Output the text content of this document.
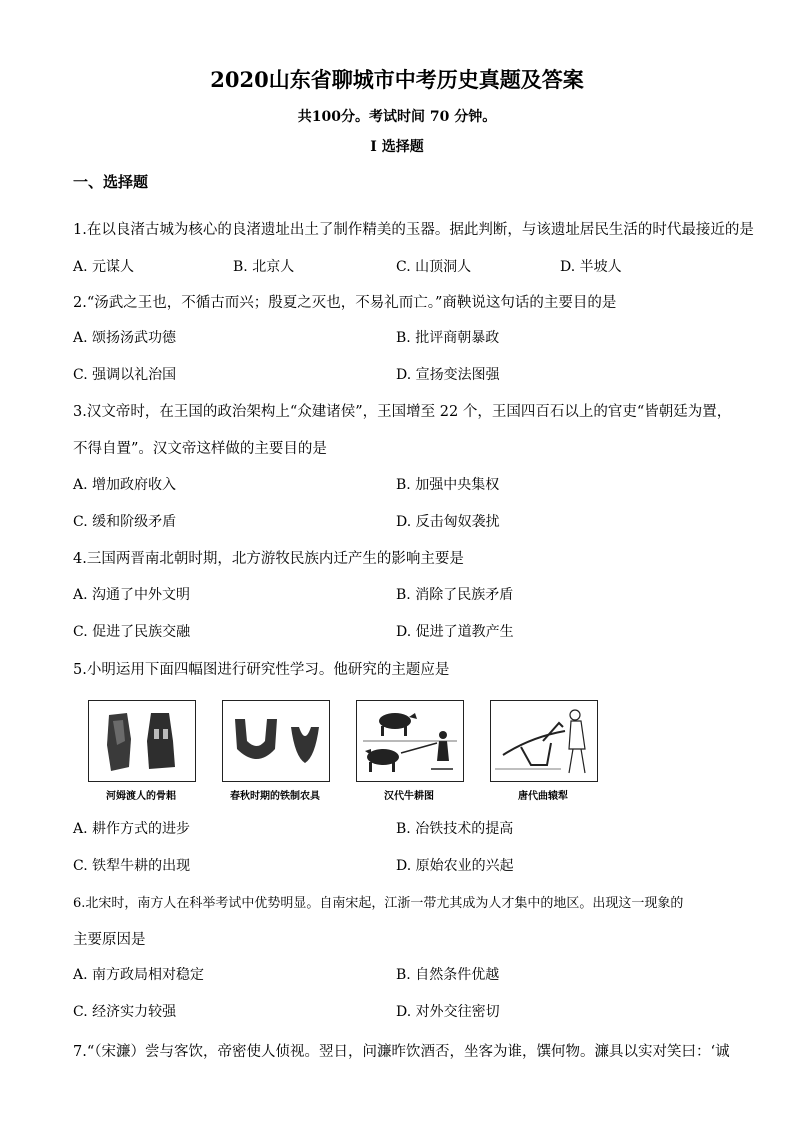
2020山东省聊城市中考历史真题及答案
共100分。考试时间 70 分钟。
I 选择题
一、选择题
1.在以良渚古城为核心的良渚遗址出土了制作精美的玉器。据此判断，与该遗址居民生活的时代最接近的是
A. 元谋人	B. 北京人	C. 山顶洞人	D. 半坡人
2.“汤武之王也，不循古而兴；殷夏之灭也，不易礼而亡。”商鞅说这句话的主要目的是
A. 颂扬汤武功德	B. 批评商朝暴政
C. 强调以礼治国	D. 宣扬变法图强
3.汉文帝时，在王国的政治架构上“众建诸侯”，王国增至 22 个，王国四百石以上的官吏“皆朝廷为置，
不得自置”。汉文帝这样做的主要目的是
A. 增加政府收入	B. 加强中央集权
C. 缓和阶级矛盾	D. 反击匈奴袭扰
4.三国两晋南北朝时期，北方游牧民族内迁产生的影响主要是
A. 沟通了中外文明	B. 消除了民族矛盾
C. 促进了民族交融	D. 促进了道教产生
5.小明运用下面四幅图进行研究性学习。他研究的主题应是
河姆渡人的骨耜	春秋时期的铁制农具	汉代牛耕图	唐代曲辕犁
A. 耕作方式的进步	B. 冶铁技术的提高
C. 铁犁牛耕的出现	D. 原始农业的兴起
6.北宋时，南方人在科举考试中优势明显。自南宋起，江浙一带尤其成为人才集中的地区。出现这一现象的
主要原因是
A. 南方政局相对稳定	B. 自然条件优越
C. 经济实力较强	D. 对外交往密切
7.“（宋濂）尝与客饮，帝密使人侦视。翌日，问濂昨饮酒否，坐客为谁，馔何物。濂具以实对笑曰：‘诚
